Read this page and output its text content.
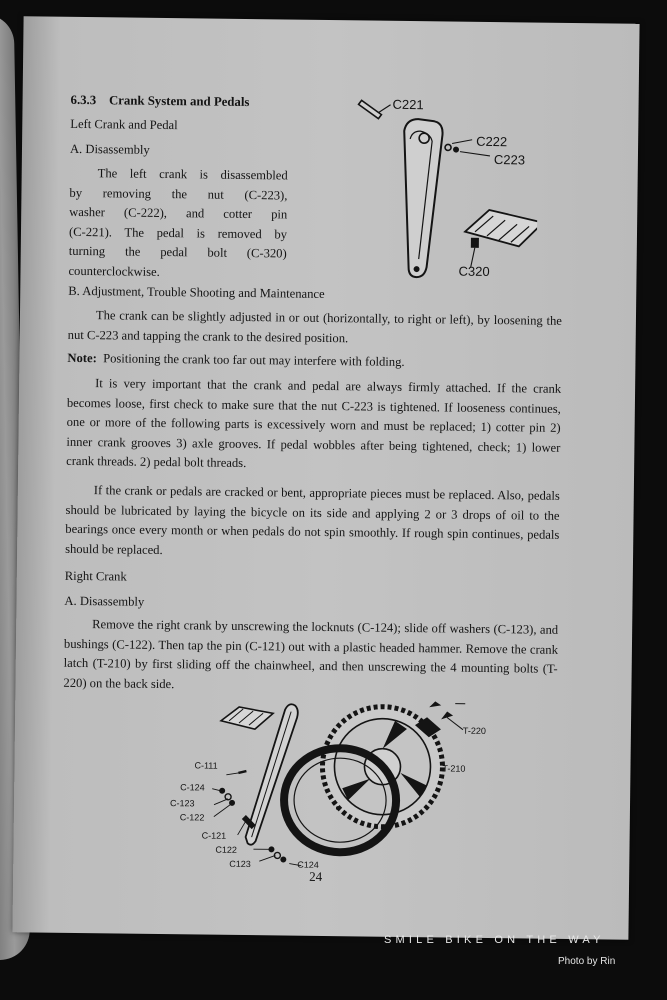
6.3.3 Crank System and Pedals
Left Crank and Pedal
A. Disassembly
The left crank is disassembled
by removing the nut (C-223),
washer (C-222), and cotter pin
(C-221). The pedal is removed by
turning the pedal bolt (C-320)
counterclockwise.
C221
C222
C223
C320
B. Adjustment, Trouble Shooting and Maintenance
The crank can be slightly adjusted in or out (horizontally, to right or left), by loosening the nut C-223 and tapping the crank to the desired position.
Note: Positioning the crank too far out may interfere with folding.
It is very important that the crank and pedal are always firmly attached. If the crank becomes loose, first check to make sure that the nut C-223 is tightened. If looseness continues, one or more of the following parts is excessively worn and must be replaced; 1) cotter pin 2) inner crank grooves 3) axle grooves. If pedal wobbles after being tightened, check; 1) lower crank threads. 2) pedal bolt threads.
If the crank or pedals are cracked or bent, appropriate pieces must be replaced. Also, pedals should be lubricated by laying the bicycle on its side and applying 2 or 3 drops of oil to the bearings once every month or when pedals do not spin smoothly. If rough spin continues, pedals should be replaced.
Right Crank
A. Disassembly
Remove the right crank by unscrewing the locknuts (C-124); slide off washers (C-123), and bushings (C-122). Then tap the pin (C-121) out with a plastic headed hammer. Remove the crank latch (T-210) by first sliding off the chainwheel, and then unscrewing the 4 mounting bolts (T-220) on the back side.
T-220
T-210
C-111
C-124
C-123
C-122
C-121
C122
C123	C124
24
SMILE BIKE ON THE WAY
Photo by Rin
